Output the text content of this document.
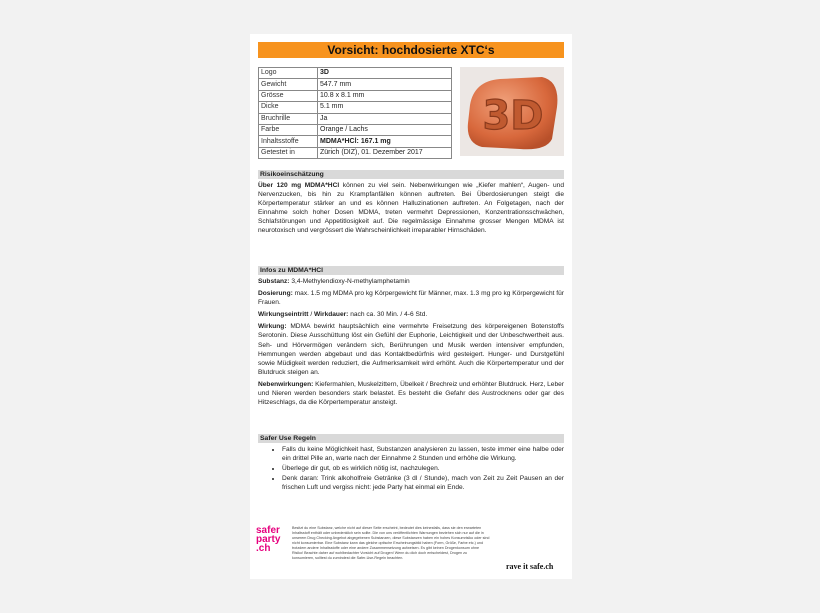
Vorsicht: hochdosierte XTC‘s
Logo	3D
Gewicht	547.7 mm
Grösse	10.8 x 8.1 mm
Dicke	5.1 mm
Bruchrille	Ja
Farbe	Orange / Lachs
Inhaltsstoffe	MDMA*HCl: 167.1 mg
Getestet in	Zürich (DIZ), 01. Dezember 2017
3D
Risikoeinschätzung

Über 120 mg MDMA*HCl können zu viel sein. Nebenwirkungen wie „Kiefer mahlen“, Augen- und Nervenzucken, bis hin zu Krampfanfällen können auftreten. Bei Überdosierungen steigt die Körpertemperatur stärker an und es können Halluzinationen auftreten. An Folgetagen, nach der Einnahme solch hoher Dosen MDMA, treten vermehrt Depressionen, Konzentrationsschwächen, Schlafstörungen und Appetitlosigkeit auf. Die regelmässige Einnahme grosser Mengen MDMA ist neurotoxisch und vergrössert die Wahrscheinlichkeit irreparabler Hirnschäden.

Infos zu MDMA*HCl

Substanz: 3,4-Methylendioxy-N-methylamphetamin

Dosierung: max. 1.5 mg MDMA pro kg Körpergewicht für Männer, max. 1.3 mg pro kg Körpergewicht für Frauen.

Wirkungseintritt / Wirkdauer: nach ca. 30 Min. / 4-6 Std.

Wirkung: MDMA bewirkt hauptsächlich eine vermehrte Freisetzung des körpereigenen Botenstoffs Serotonin. Diese Ausschüttung löst ein Gefühl der Euphorie, Leichtigkeit und der Unbeschwertheit aus. Seh- und Hörvermögen verändern sich, Berührungen und Musik werden intensiver empfunden, Hemmungen werden abgebaut und das Kontaktbedürfnis wird gesteigert. Hunger- und Durstgefühl sowie Müdigkeit werden reduziert, die Aufmerksamkeit wird erhöht. Auch die Körpertemperatur und der Blutdruck steigen an.

Nebenwirkungen: Kiefermahlen, Muskelzittern, Übelkeit / Brechreiz und erhöhter Blutdruck. Herz, Leber und Nieren werden besonders stark belastet. Es besteht die Gefahr des Austrocknens oder gar des Hitzeschlags, da die Körpertemperatur ansteigt.

Safer Use Regeln
• Falls du keine Möglichkeit hast, Substanzen analysieren zu lassen, teste immer eine halbe oder ein drittel Pille an, warte nach der Einnahme 2 Stunden und erhöhe die Wirkung.
• Überlege dir gut, ob es wirklich nötig ist, nachzulegen.
• Denk daran: Trink alkoholfreie Getränke (3 dl / Stunde), mach von Zeit zu Zeit Pausen an der frischen Luft und vergiss nicht: jede Party hat einmal ein Ende.
safer
party
.ch
Besitzt du eine Substanz, welche nicht auf dieser Seite erscheint, bedeutet dies keinesfalls, dass sie den erwarteten Inhaltsstoff enthält oder unbedenklich sein sollte. Die von uns veröffentlichten Warnungen beziehen sich nur auf die in unserem Drug Checking Angebot abgegebenen Substanzen, diese Substanzen haben ein hohes Konsumrisiko oder sind nicht konsumierbar. Eine Substanz kann das gleiche optische Erscheinungsbild haben (Form, Größe, Farbe etc.) und trotzdem andere Inhaltsstoffe oder eine andere Zusammensetzung aufweisen. Es gibt keinen Drogenkonsum ohne Risiko! Beachte daher auf wohlbedachter Vorsicht auf Drogen! Wenn du dich doch entscheidest, Drogen zu konsumieren, solltest du zumindest die Safer-Use-Regeln beachten.
rave it safe.ch
